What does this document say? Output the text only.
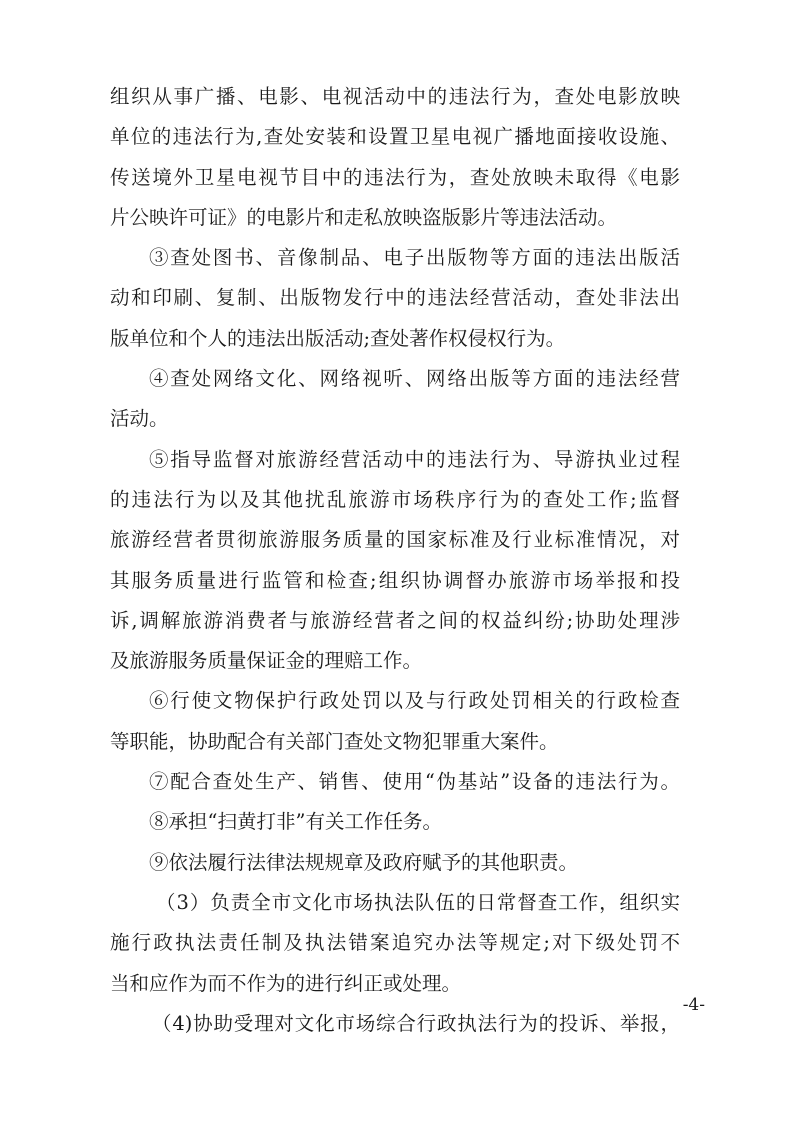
组织从事广播、电影、电视活动中的违法行为，查处电影放映
单位的违法行为,查处安装和设置卫星电视广播地面接收设施、
传送境外卫星电视节目中的违法行为，查处放映未取得《电影
片公映许可证》的电影片和走私放映盗版影片等违法活动。
③查处图书、音像制品、电子出版物等方面的违法出版活
动和印刷、复制、出版物发行中的违法经营活动，查处非法出
版单位和个人的违法出版活动;查处著作权侵权行为。
④查处网络文化、网络视听、网络出版等方面的违法经营
活动。
⑤指导监督对旅游经营活动中的违法行为、导游执业过程
的违法行为以及其他扰乱旅游市场秩序行为的查处工作;监督
旅游经营者贯彻旅游服务质量的国家标准及行业标准情况，对
其服务质量进行监管和检查;组织协调督办旅游市场举报和投
诉,调解旅游消费者与旅游经营者之间的权益纠纷;协助处理涉
及旅游服务质量保证金的理赔工作。
⑥行使文物保护行政处罚以及与行政处罚相关的行政检查
等职能，协助配合有关部门查处文物犯罪重大案件。
⑦配合查处生产、销售、使用“伪基站”设备的违法行为。
⑧承担“扫黄打非”有关工作任务。
⑨依法履行法律法规规章及政府赋予的其他职责。
（3）负责全市文化市场执法队伍的日常督查工作，组织实
施行政执法责任制及执法错案追究办法等规定;对下级处罚不
当和应作为而不作为的进行纠正或处理。
（4)协助受理对文化市场综合行政执法行为的投诉、举报，
-4-
